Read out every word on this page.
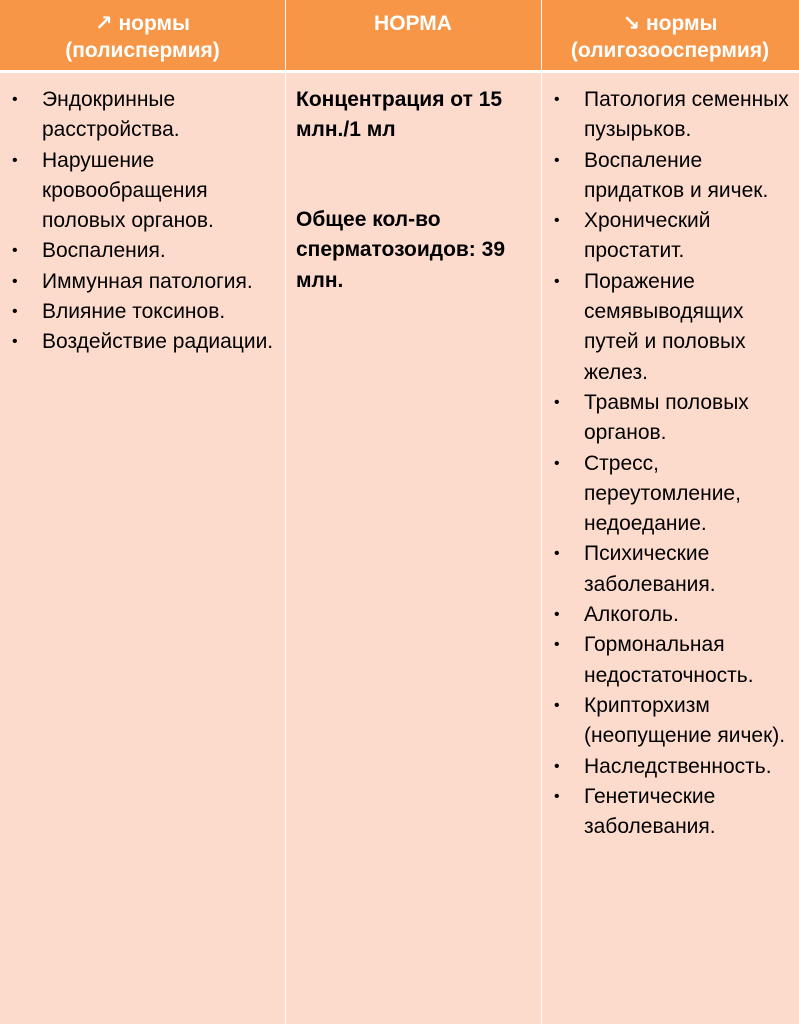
↗ нормы
(полиспермия)
НОРМА	↘ нормы
(олигозооспермия)
• Эндокринные расстройства.
• Нарушение кровообращения половых органов.
• Воспаления.
• Иммунная патология.
• Влияние токсинов.
• Воздействие радиации.
Концентрация от 15 млн./1 мл
Общее кол-во сперматозоидов: 39 млн.
• Патология семенных пузырьков.
• Воспаление придатков и яичек.
• Хронический простатит.
• Поражение семявыводящих путей и половых желез.
• Травмы половых органов.
• Стресс, переутомление, недоедание.
• Психические заболевания.
• Алкоголь.
• Гормональная недостаточность.
• Крипторхизм (неопущение яичек).
• Наследственность.
• Генетические заболевания.
